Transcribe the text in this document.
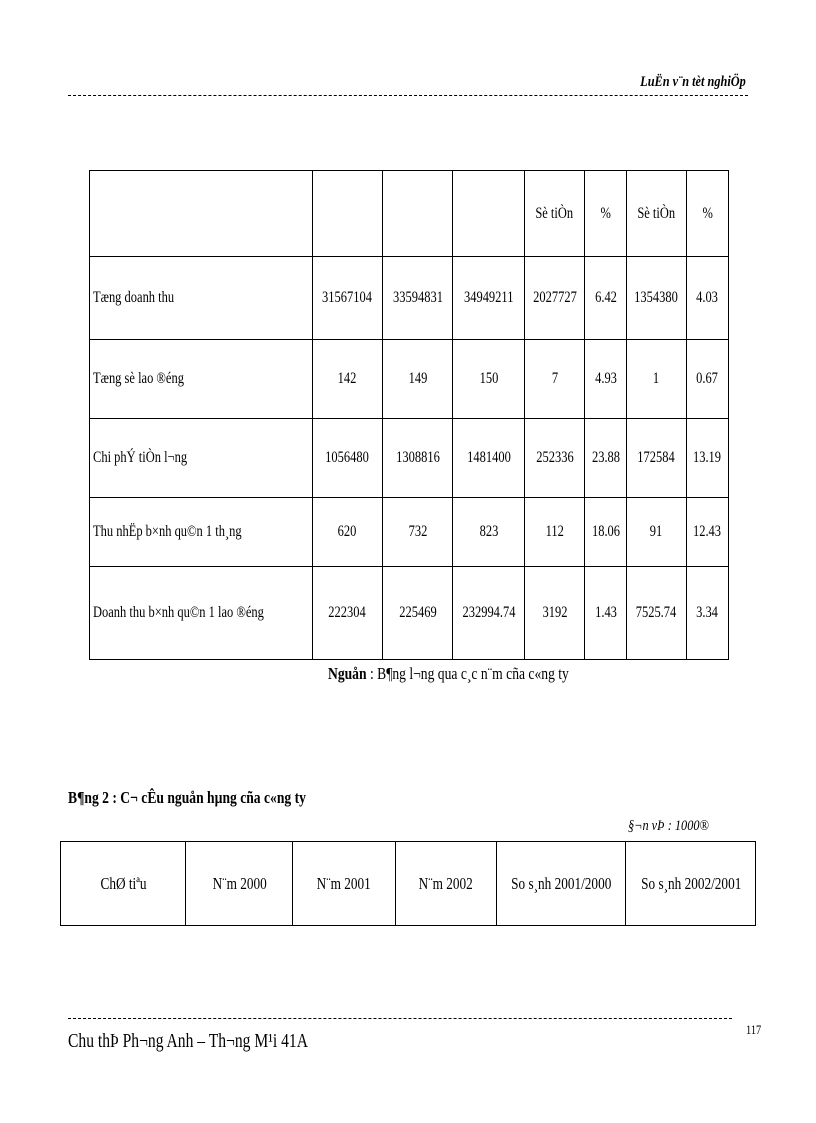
LuËn v¨n tèt nghiÖp
				Sè tiÒn	%	Sè tiÒn	%
Tæng doanh thu	31567104	33594831	34949211	2027727	6.42	1354380	4.03
Tæng sè lao ®éng	142	149	150	7	4.93	1	0.67
Chi phÝ tiÒn l¬ng	1056480	1308816	1481400	252336	23.88	172584	13.19
Thu nhËp b×nh qu©n 1 th¸ng	620	732	823	112	18.06	91	12.43
Doanh thu b×nh qu©n 1 lao ®éng	222304	225469	232994.74	3192	1.43	7525.74	3.34
Nguån : B¶ng l¬ng qua c¸c n¨m cña c«ng ty
B¶ng 2 : C¬ cÊu nguån hµng cña c«ng ty
§¬n vÞ : 1000®
ChØ tiªu	N¨m 2000	N¨m 2001	N¨m 2002	So s¸nh 2001/2000	So s¸nh 2002/2001
Chu thÞ Ph¬ng Anh – Th¬ng M¹i 41A
117
